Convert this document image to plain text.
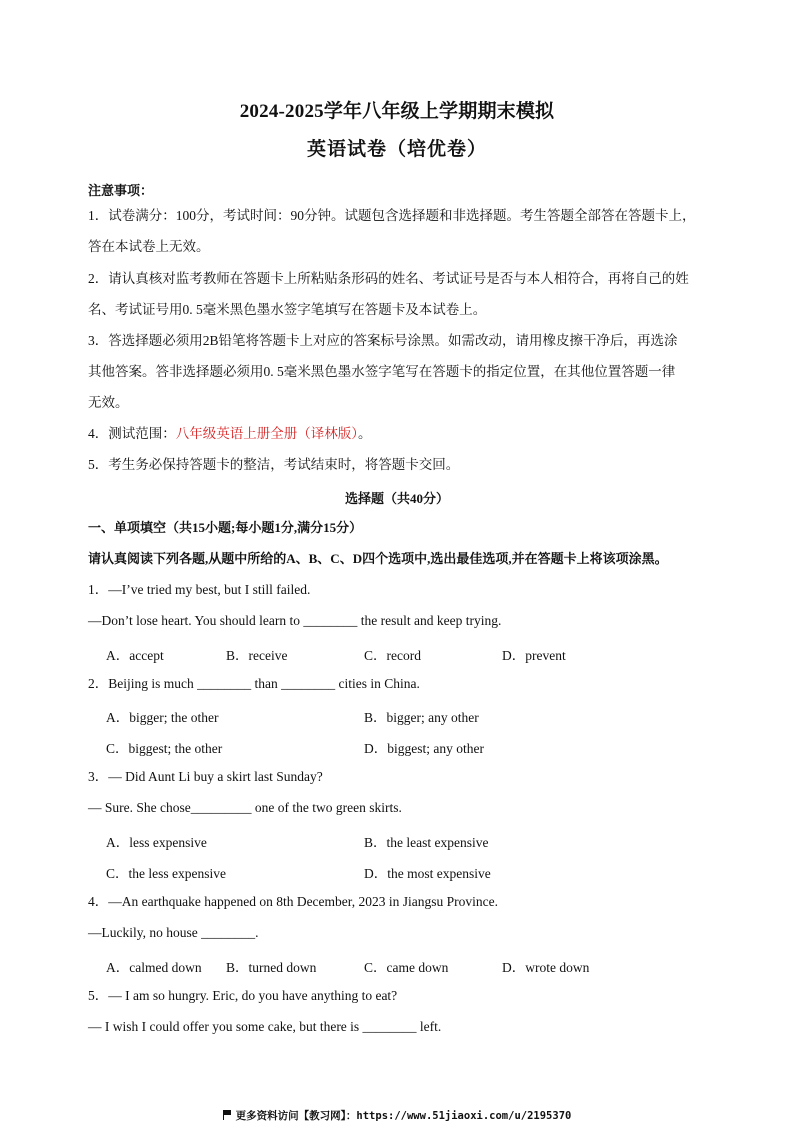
2024-2025学年八年级上学期期末模拟
英语试卷（培优卷）
注意事项：
1．试卷满分：100分，考试时间：90分钟。试题包含选择题和非选择题。考生答题全部答在答题卡上，
答在本试卷上无效。
2．请认真核对监考教师在答题卡上所粘贴条形码的姓名、考试证号是否与本人相符合，再将自己的姓
名、考试证号用0. 5毫米黑色墨水签字笔填写在答题卡及本试卷上。
3．答选择题必须用2B铅笔将答题卡上对应的答案标号涂黑。如需改动，请用橡皮擦干净后，再选涂
其他答案。答非选择题必须用0. 5毫米黑色墨水签字笔写在答题卡的指定位置，在其他位置答题一律
无效。
4．测试范围：八年级英语上册全册（译林版）。
5．考生务必保持答题卡的整洁，考试结束时，将答题卡交回。
选择题（共40分）
一、单项填空（共15小题;每小题1分,满分15分）
请认真阅读下列各题,从题中所给的A、B、C、D四个选项中,选出最佳选项,并在答题卡上将该项涂黑。
1．—I’ve tried my best, but I still failed.
—Don’t lose heart. You should learn to ________ the result and keep trying.
A．accept	B．receive	C．record	D．prevent
2．Beijing is much ________ than ________ cities in China.
A．bigger; the other	B．bigger; any other
C．biggest; the other	D．biggest; any other
3．— Did Aunt Li buy a skirt last Sunday?
— Sure. She chose_________ one of the two green skirts.
A．less expensive	B．the least expensive
C．the less expensive	D．the most expensive
4．—An earthquake happened on 8th December, 2023 in Jiangsu Province.
—Luckily, no house ________.
A．calmed down B．turned down	C．came down	D．wrote down
5．— I am so hungry. Eric, do you have anything to eat?
— I wish I could offer you some cake, but there is ________ left.
更多资料访问【教习网】：https://www.51jiaoxi.com/u/2195370
